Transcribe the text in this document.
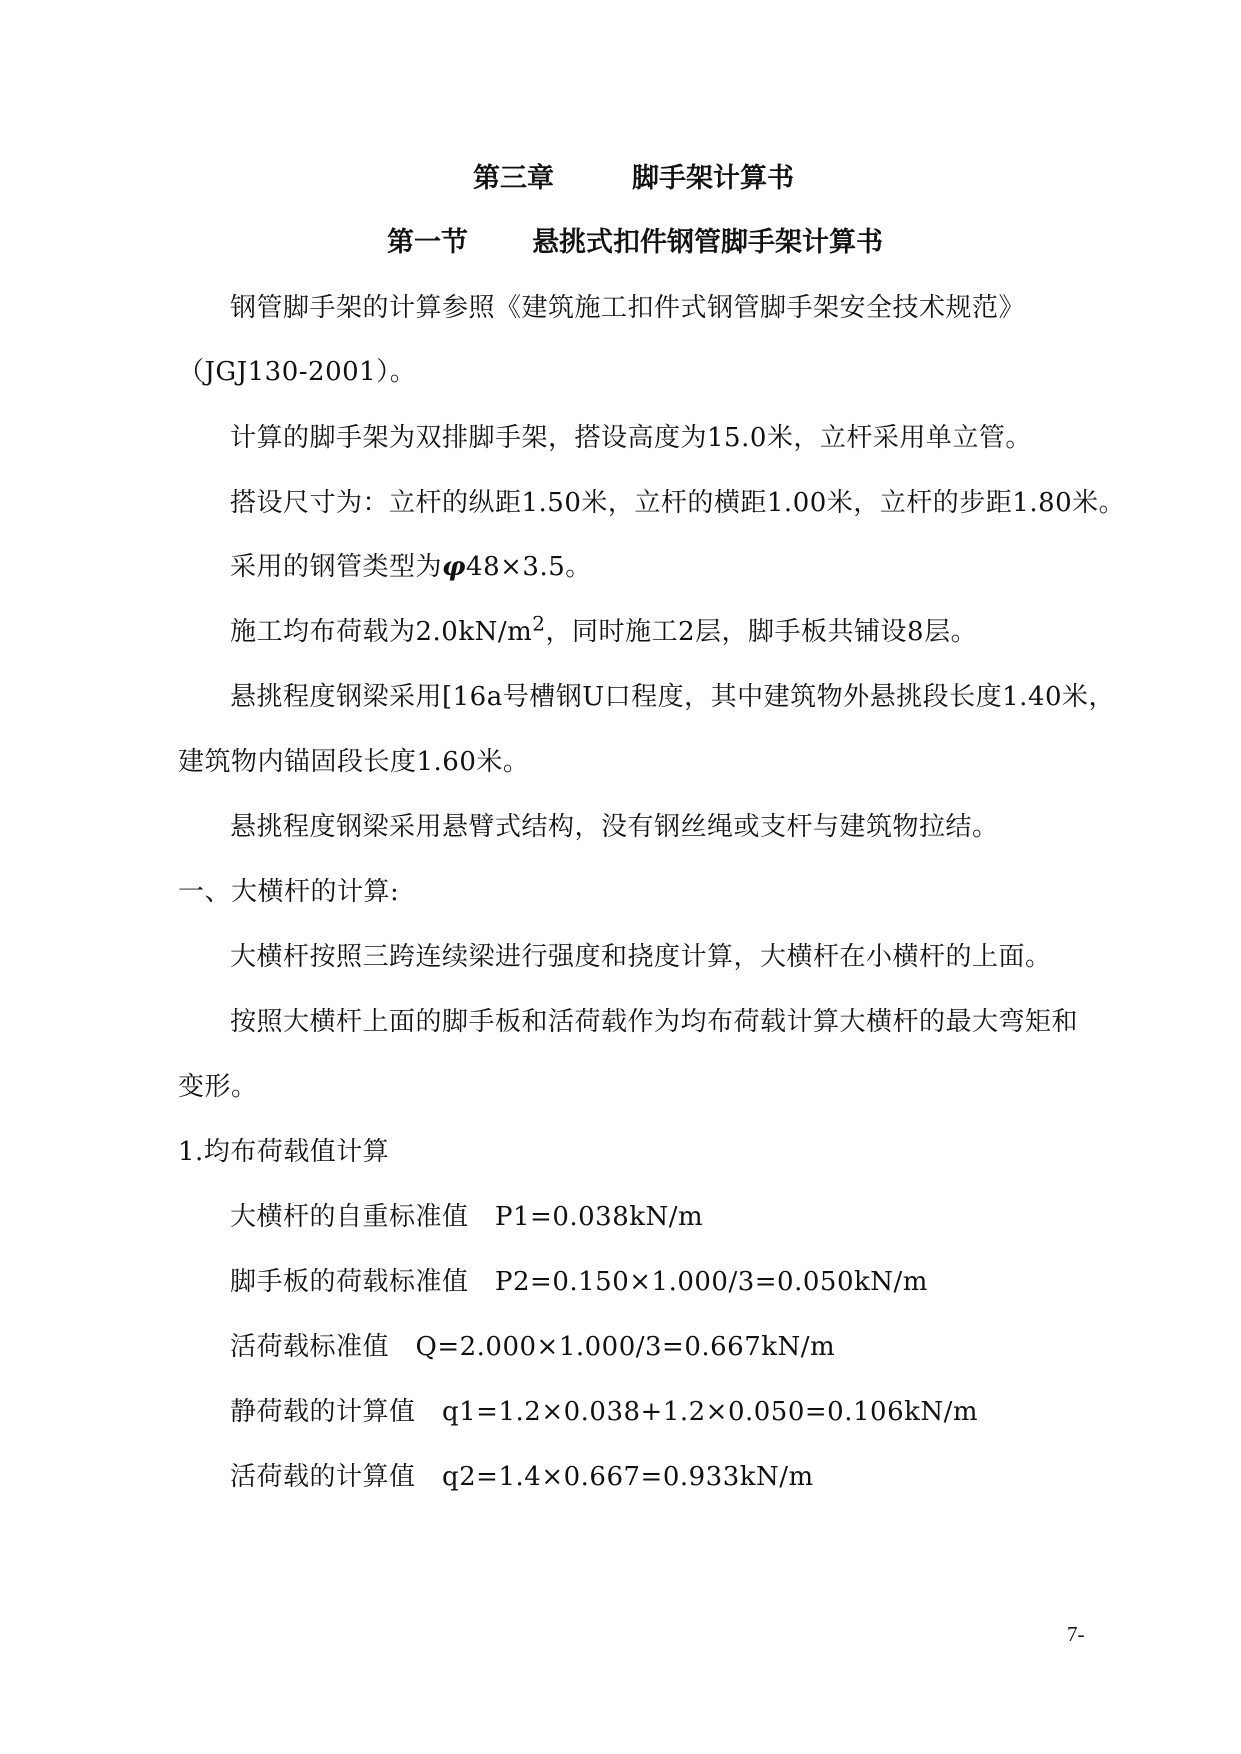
第三章	脚手架计算书
第一节 悬挑式扣件钢管脚手架计算书
钢管脚手架的计算参照《建筑施工扣件式钢管脚手架安全技术规范》
（JGJ130-2001）。
计算的脚手架为双排脚手架，搭设高度为15.0米，立杆采用单立管。
搭设尺寸为：立杆的纵距1.50米，立杆的横距1.00米，立杆的步距1.80米。
采用的钢管类型为φ48×3.5。
施工均布荷载为$2.0kN/m^2$，同时施工2层，脚手板共铺设8层。
悬挑程度钢梁采用[16a号槽钢U口程度，其中建筑物外悬挑段长度1.40米，
建筑物内锚固段长度1.60米。
悬挑程度钢梁采用悬臂式结构，没有钢丝绳或支杆与建筑物拉结。
一、大横杆的计算:
大横杆按照三跨连续梁进行强度和挠度计算，大横杆在小横杆的上面。
按照大横杆上面的脚手板和活荷载作为均布荷载计算大横杆的最大弯矩和
变形。
1.均布荷载值计算
大横杆的自重标准值　P1=0.038kN/m
脚手板的荷载标准值　P2=0.150×1.000/3=0.050kN/m
活荷载标准值　Q=2.000×1.000/3=0.667kN/m
静荷载的计算值　q1=1.2×0.038+1.2×0.050=0.106kN/m
活荷载的计算值　q2=1.4×0.667=0.933kN/m
7-
